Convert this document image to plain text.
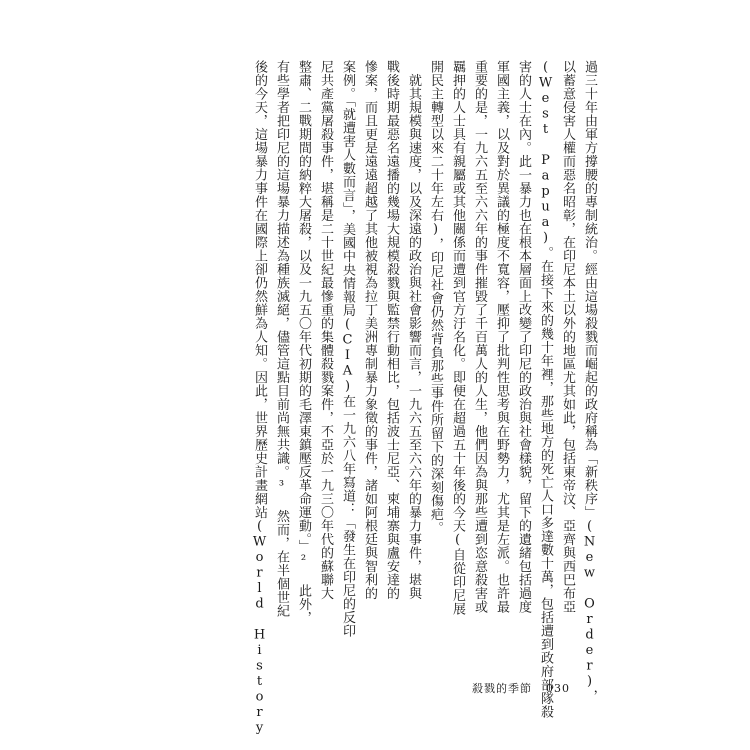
過三十年由軍方撐腰的專制統治。經由這場殺戮而崛起的政府稱為「新秩序」(New Order)，
以蓄意侵害人權而惡名昭彰，在印尼本土以外的地區尤其如此，包括東帝汶、亞齊與西巴布亞
(West Papua)。在接下來的幾十年裡，那些地方的死亡人口多達數十萬，包括遭到政府部隊殺
害的人士在內。此一暴力也在根本層面上改變了印尼的政治與社會樣貌，留下的遺緒包括過度
軍國主義，以及對於異議的極度不寬容，壓抑了批判性思考與在野勢力，尤其是左派。也許最
重要的是，一九六五至六六年的事件摧毀了千百萬人的人生，他們因為與那些遭到恣意殺害或
羈押的人士具有親屬或其他關係而遭到官方汙名化。即便在超過五十年後的今天(自從印尼展
開民主轉型以來二十年左右)，印尼社會仍然背負那些事件所留下的深刻傷疤。

　就其規模與速度，以及深遠的政治與社會影響而言，一九六五至六六年的暴力事件，堪與
戰後時期最惡名遠播的幾場大規模殺戮與監禁行動相比，包括波士尼亞、柬埔寨與盧安達的
慘案，而且更是遠遠超越了其他被視為拉丁美洲專制暴力象徵的事件，諸如阿根廷與智利的
案例。「就遭害人數而言」，美國中央情報局(CIA)在一九六八年寫道：「發生在印尼的反印
尼共產黨屠殺事件，堪稱是二十世紀最慘重的集體殺戮案件，不亞於一九三〇年代的蘇聯大
整肅、二戰期間的納粹大屠殺，以及一九五〇年代初期的毛澤東鎮壓反革命運動。」² 此外，
有些學者把印尼的這場暴力描述為種族滅絕，儘管這點目前尚無共識。³ 然而，在半個世紀
後的今天，這場暴力事件在國際上卻仍然鮮為人知。因此，世界歷史計畫網站(World History	殺戮的季節 030
